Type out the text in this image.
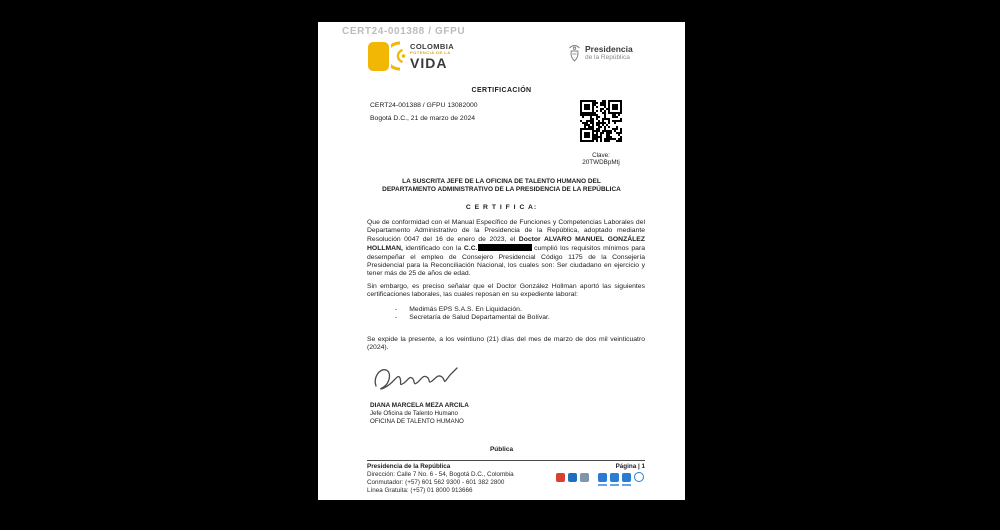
CERT24-001388 / GFPU
COLOMBIA
POTENCIA DE LA
VIDA
Presidencia
de la República
CERTIFICACIÓN
CERT24-001388 / GFPU 13082000
Bogotá D.C., 21 de marzo de 2024
Clave:
20TWDBpMtj
LA SUSCRITA JEFE DE LA OFICINA DE TALENTO HUMANO DEL
DEPARTAMENTO ADMINISTRATIVO DE LA PRESIDENCIA DE LA REPÚBLICA
C E R T I F I C A:
Que de conformidad con el Manual Específico de Funciones y Competencias Laborales del Departamento Administrativo de la Presidencia de la República, adoptado mediante Resolución 0047 del 16 de enero de 2023, el Doctor ALVARO MANUEL GONZÁLEZ HOLLMAN, identificado con la C.C.	cumplió los requisitos mínimos para desempeñar el empleo de Consejero Presidencial Código 1175 de la Consejería Presidencial para la Reconciliación Nacional, los cuales son: Ser ciudadano en ejercicio y tener más de 25 de años de edad.
Sin embargo, es preciso señalar que el Doctor González Hollman aportó las siguientes certificaciones laborales, las cuales reposan en su expediente laboral:
- Medimás EPS S.A.S. En Liquidación.
- Secretaría de Salud Departamental de Bolívar.
Se expide la presente, a los veintiuno (21) días del mes de marzo de dos mil veinticuatro (2024).
DIANA MARCELA MEZA ARCILA
Jefe Oficina de Talento Humano
OFICINA DE TALENTO HUMANO
Pública
Presidencia de la República
Dirección: Calle 7 No. 6 - 54, Bogotá D.C., Colombia
Conmutador: (+57) 601 562 9300 - 601 382 2800
Línea Gratuita: (+57) 01 8000 913666
Página | 1
